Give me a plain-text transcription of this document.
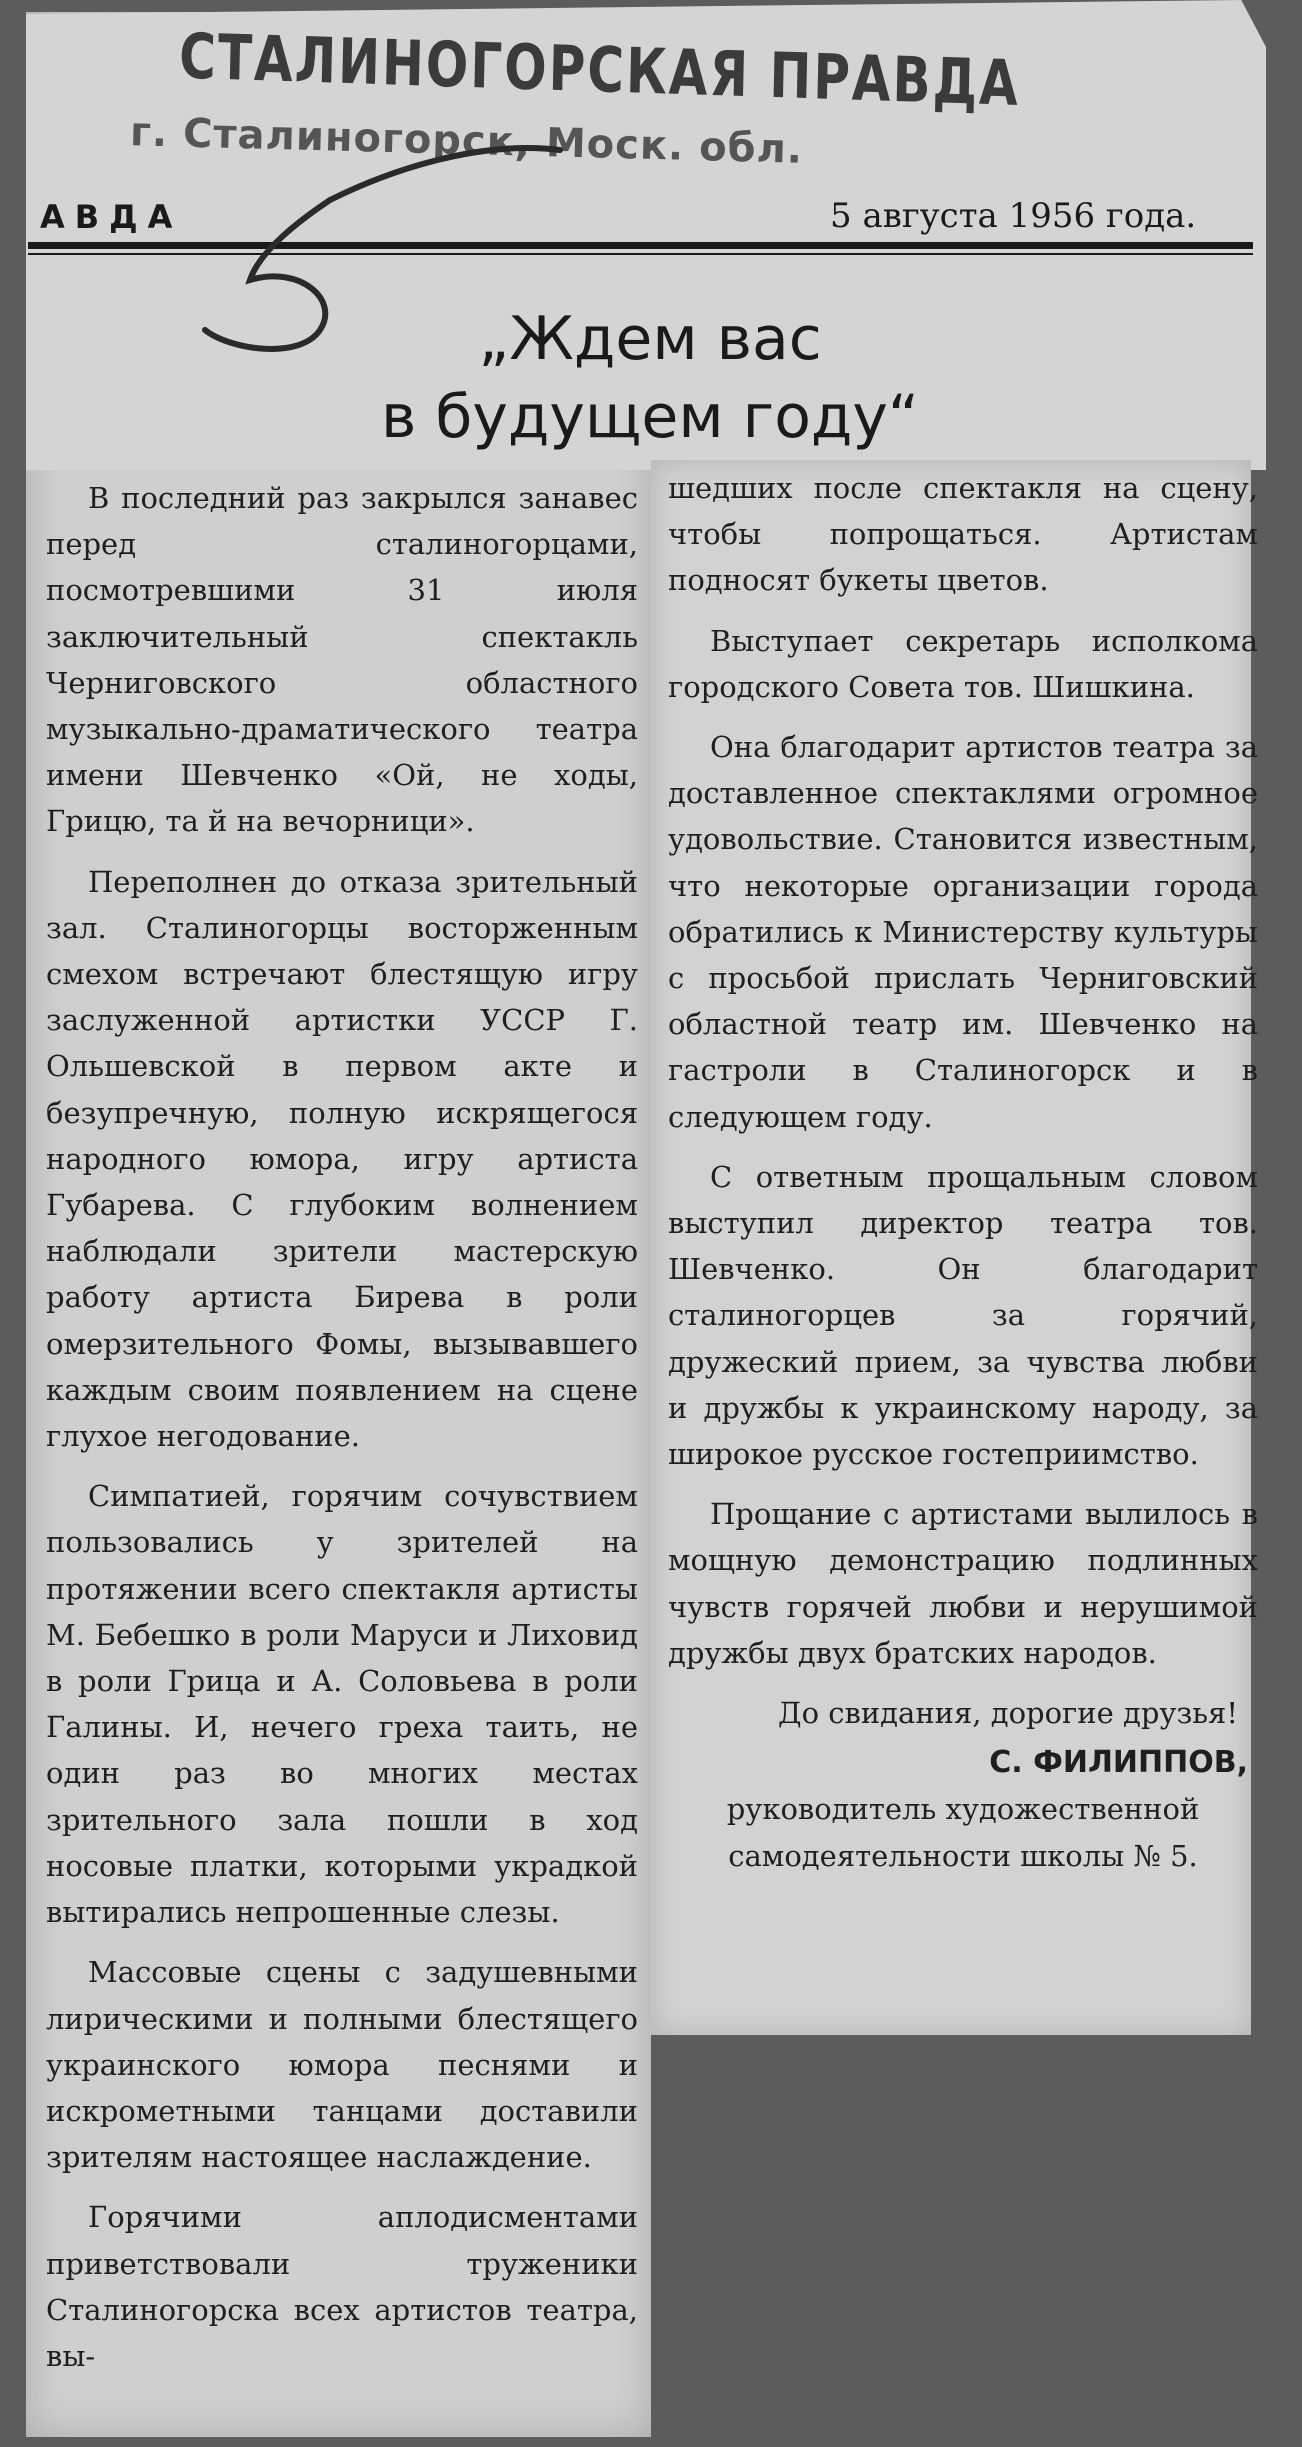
СТАЛИНОГОРСКАЯ ПРАВДА
г. Сталиногорск, Моск. обл.
АВДА	5 августа 1956 года.
„Ждем вас
в будущем году“

В последний раз закрылся занавес перед сталиногорцами, посмотревшими 31 июля заключительный спектакль Черниговского областного музыкально-драматического театра имени Шевченко «Ой, не ходы, Грицю, та й на вечорници».

Переполнен до отказа зрительный зал. Сталиногорцы восторженным смехом встречают блестящую игру заслуженной артистки УССР Г. Ольшевской в первом акте и безупречную, полную искрящегося народного юмора, игру артиста Губарева. С глубоким волнением наблюдали зрители мастерскую работу артиста Бирева в роли омерзительного Фомы, вызывавшего каждым своим появлением на сцене глухое негодование.

Симпатией, горячим сочувствием пользовались у зрителей на протяжении всего спектакля артисты М. Бебешко в роли Маруси и Лиховид в роли Грица и А. Соловьева в роли Галины. И, нечего греха таить, не один раз во многих местах зрительного зала пошли в ход носовые платки, которыми украдкой вытирались непрошенные слезы.

Массовые сцены с задушевными лирическими и полными блестящего украинского юмора песнями и искрометными танцами доставили зрителям настоящее наслаждение.

Горячими аплодисментами приветствовали труженики Сталиногорска всех артистов театра, вы-

шедших после спектакля на сцену, чтобы попрощаться. Артистам подносят букеты цветов.

Выступает секретарь исполкома городского Совета тов. Шишкина.

Она благодарит артистов театра за доставленное спектаклями огромное удовольствие. Становится известным, что некоторые организации города обратились к Министерству культуры с просьбой прислать Черниговский областной театр им. Шевченко на гастроли в Сталиногорск и в следующем году.

С ответным прощальным словом выступил директор театра тов. Шевченко. Он благодарит сталиногорцев за горячий, дружеский прием, за чувства любви и дружбы к украинскому народу, за широкое русское гостеприимство.

Прощание с артистами вылилось в мощную демонстрацию подлинных чувств горячей любви и нерушимой дружбы двух братских народов.

До свидания, дорогие друзья!

С. ФИЛИППОВ,
руководитель художественной самодеятельности школы № 5.
